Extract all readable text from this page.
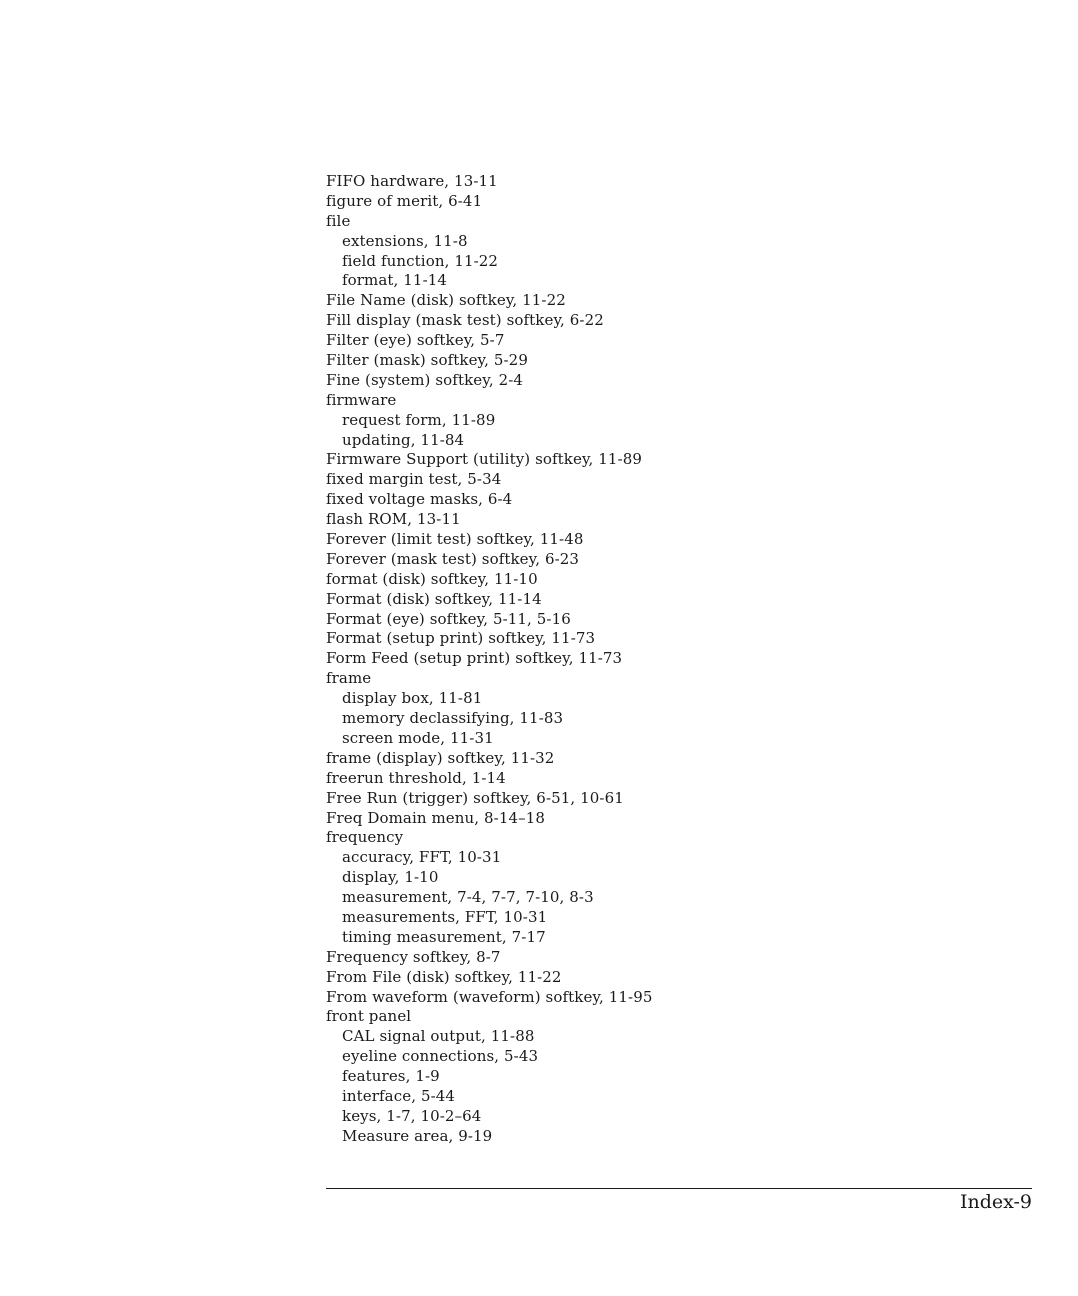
FIFO hardware, 13-11
figure of merit, 6-41
file
extensions, 11-8
field function, 11-22
format, 11-14
File Name (disk) softkey, 11-22
Fill display (mask test) softkey, 6-22
Filter (eye) softkey, 5-7
Filter (mask) softkey, 5-29
Fine (system) softkey, 2-4
firmware
request form, 11-89
updating, 11-84
Firmware Support (utility) softkey, 11-89
fixed margin test, 5-34
fixed voltage masks, 6-4
flash ROM, 13-11
Forever (limit test) softkey, 11-48
Forever (mask test) softkey, 6-23
format (disk) softkey, 11-10
Format (disk) softkey, 11-14
Format (eye) softkey, 5-11, 5-16
Format (setup print) softkey, 11-73
Form Feed (setup print) softkey, 11-73
frame
display box, 11-81
memory declassifying, 11-83
screen mode, 11-31
frame (display) softkey, 11-32
freerun threshold, 1-14
Free Run (trigger) softkey, 6-51, 10-61
Freq Domain menu, 8-14–18
frequency
accuracy, FFT, 10-31
display, 1-10
measurement, 7-4, 7-7, 7-10, 8-3
measurements, FFT, 10-31
timing measurement, 7-17
Frequency softkey, 8-7
From File (disk) softkey, 11-22
From waveform (waveform) softkey, 11-95
front panel
CAL signal output, 11-88
eyeline connections, 5-43
features, 1-9
interface, 5-44
keys, 1-7, 10-2–64
Measure area, 9-19
Index-9
